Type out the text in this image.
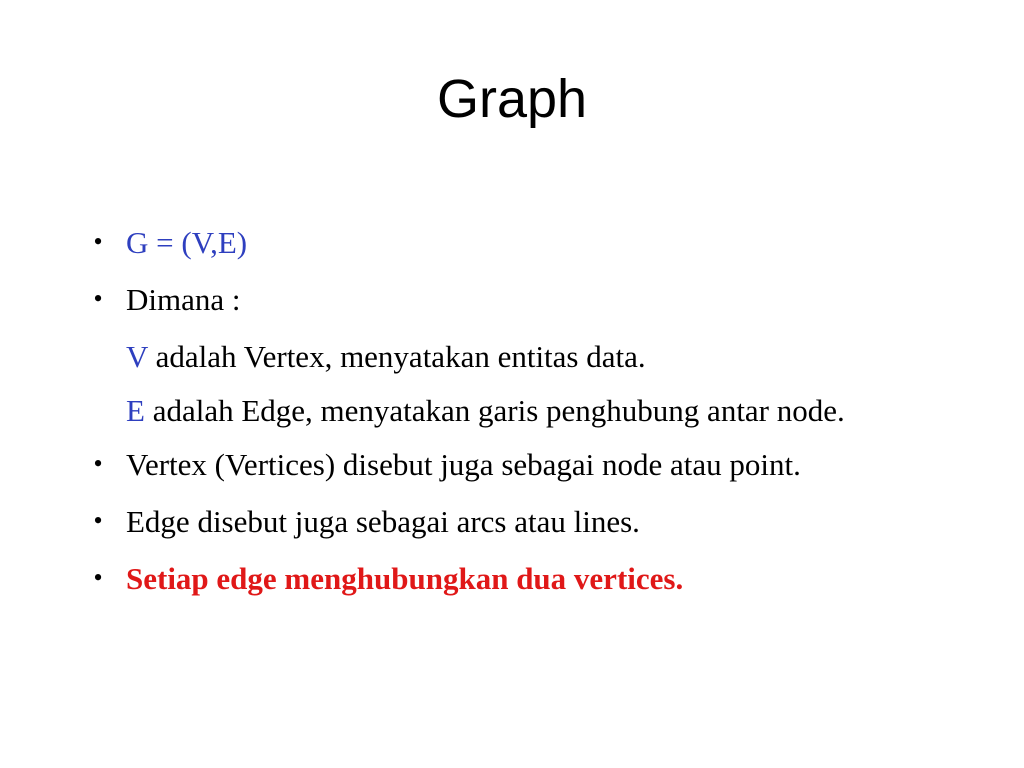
Graph
• G = (V,E)
• Dimana :
V adalah Vertex, menyatakan entitas data.
E adalah Edge, menyatakan garis penghubung antar node.
• Vertex (Vertices) disebut juga sebagai node atau point.
• Edge disebut juga sebagai arcs atau lines.
• Setiap edge menghubungkan dua vertices.
